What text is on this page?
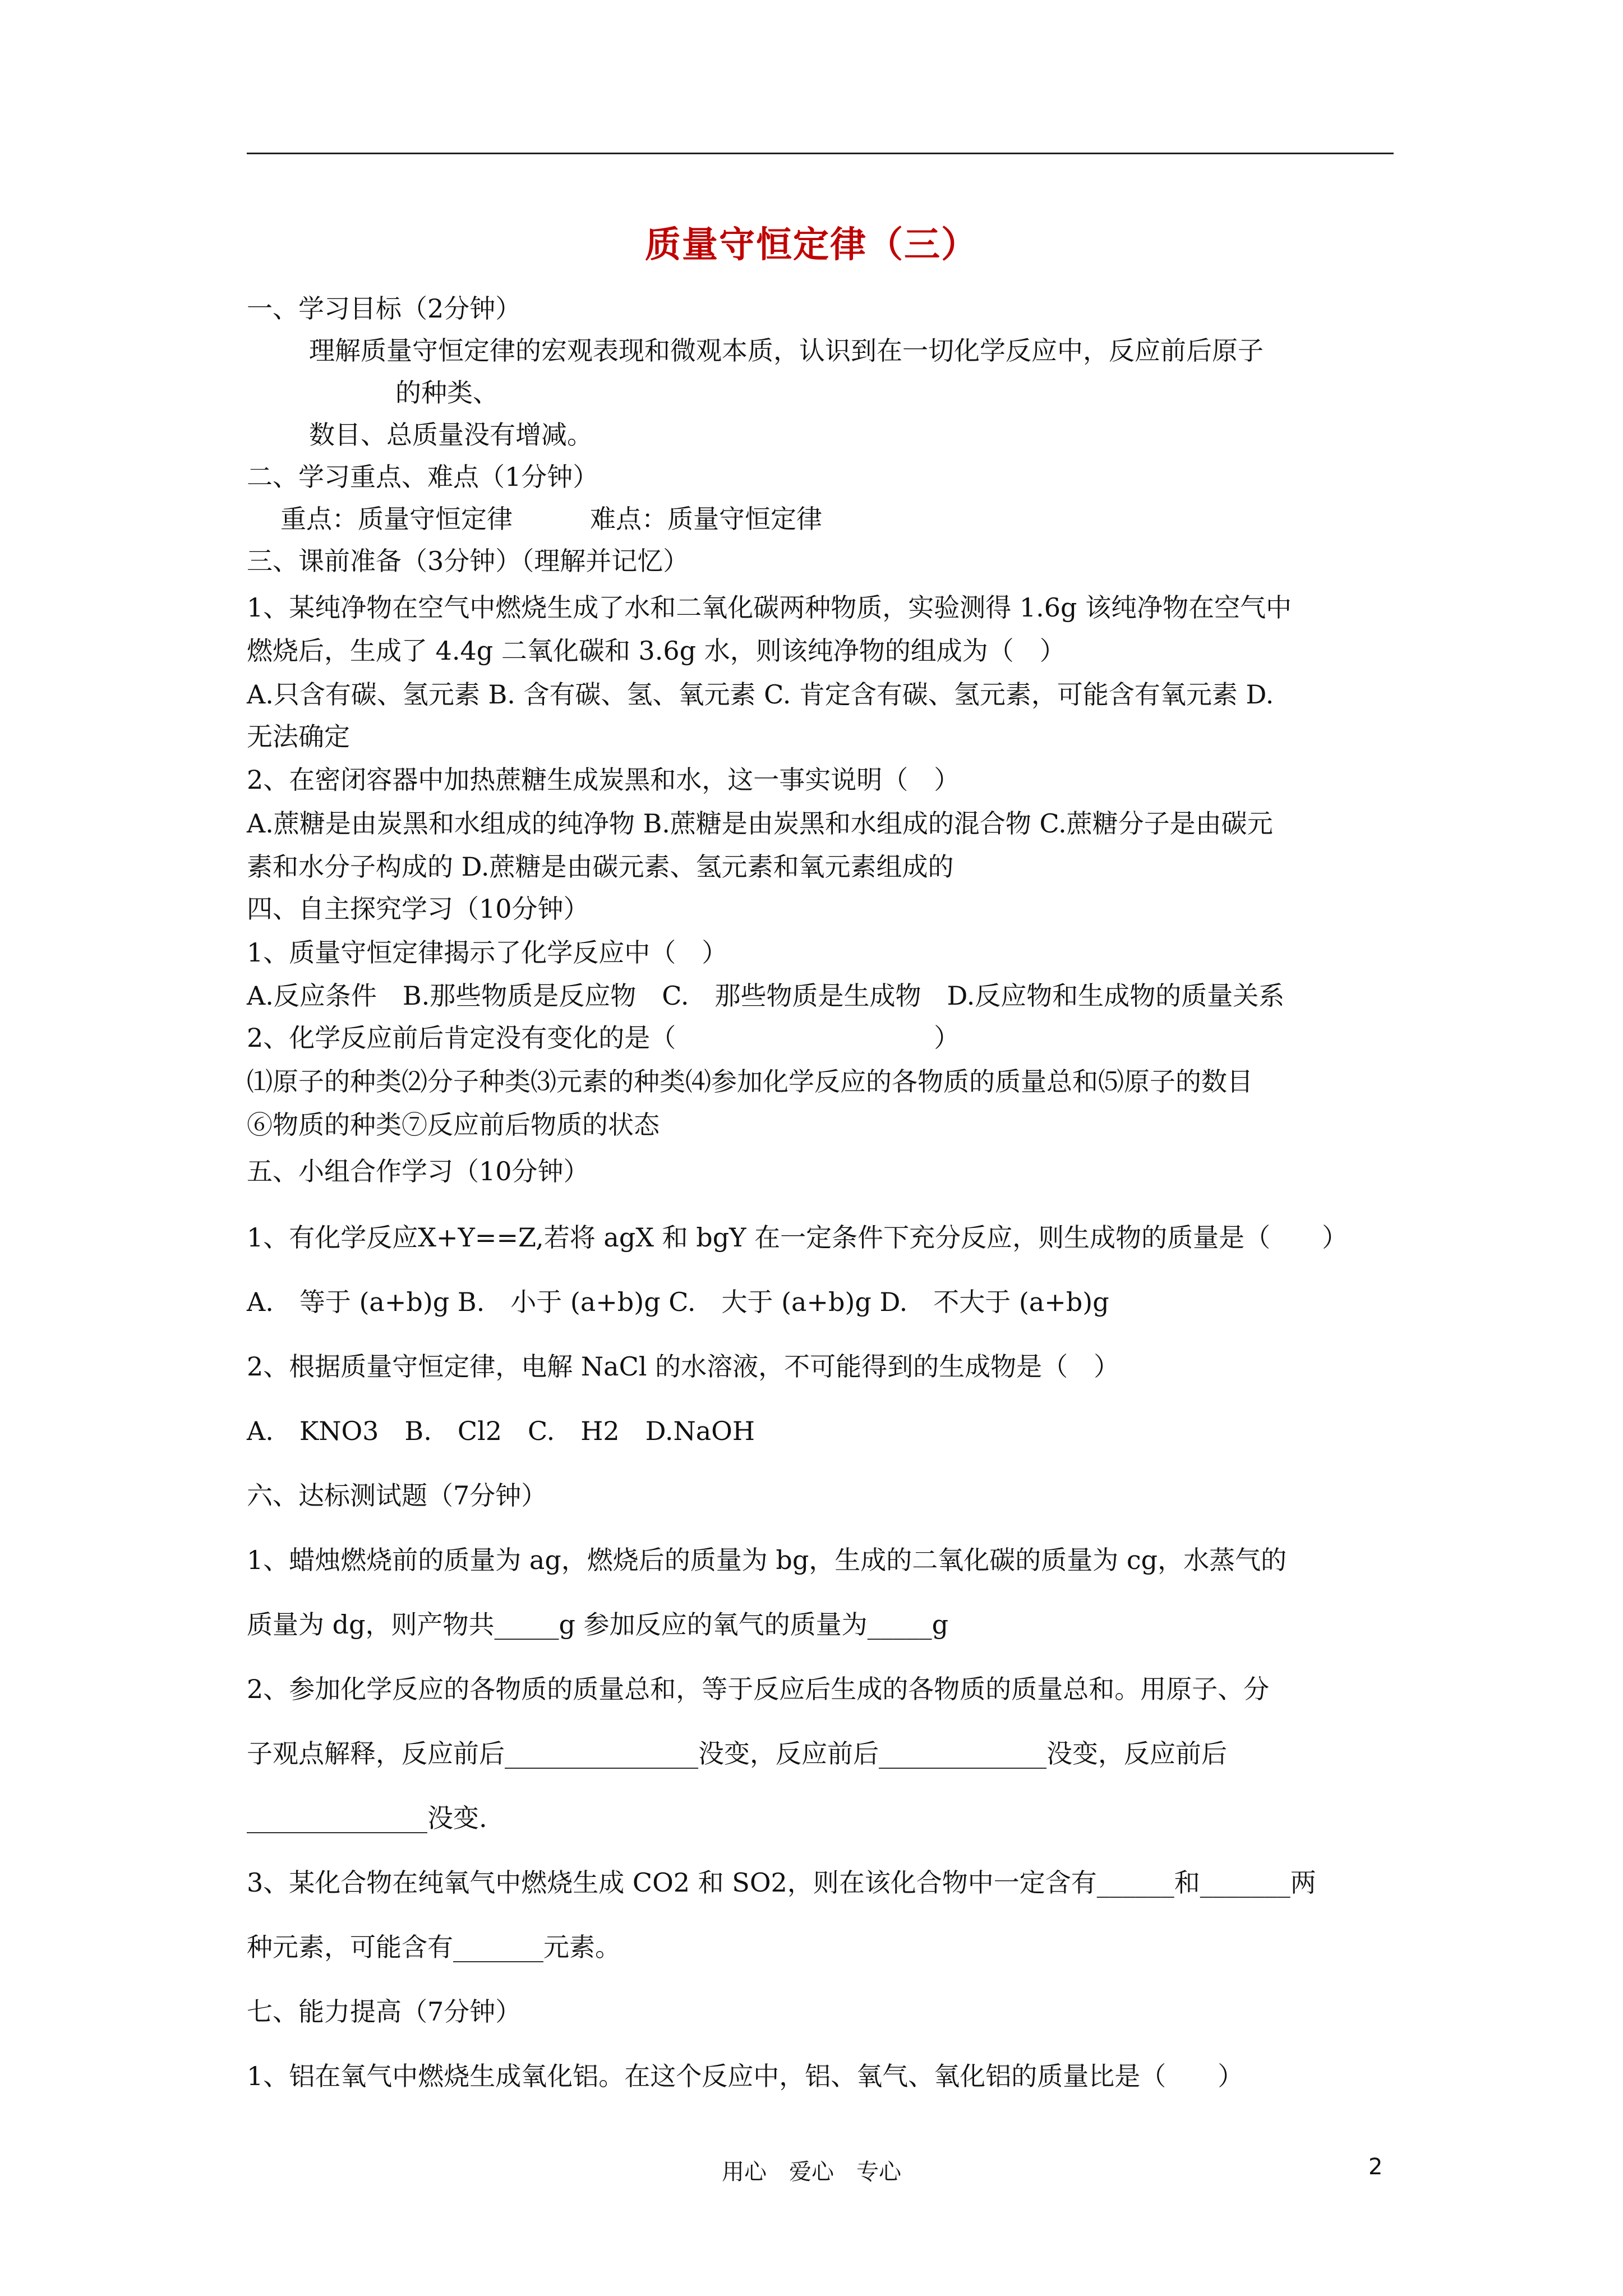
质量守恒定律（三）
一、学习目标（2分钟）
理解质量守恒定律的宏观表现和微观本质，认识到在一切化学反应中，反应前后原子
的种类、
数目、总质量没有增减。
二、学习重点、难点（1分钟）
重点：质量守恒定律　　　难点：质量守恒定律
三、课前准备（3分钟）（理解并记忆）
1、某纯净物在空气中燃烧生成了水和二氧化碳两种物质，实验测得 1.6g 该纯净物在空气中
燃烧后，生成了 4.4g 二氧化碳和 3.6g 水，则该纯净物的组成为（　）
A.只含有碳、氢元素 B. 含有碳、氢、氧元素 C. 肯定含有碳、氢元素，可能含有氧元素 D.
无法确定
2、在密闭容器中加热蔗糖生成炭黑和水，这一事实说明（　）
A.蔗糖是由炭黑和水组成的纯净物 B.蔗糖是由炭黑和水组成的混合物 C.蔗糖分子是由碳元
素和水分子构成的 D.蔗糖是由碳元素、氢元素和氧元素组成的
四、自主探究学习（10分钟）
1、质量守恒定律揭示了化学反应中（　）
A.反应条件　B.那些物质是反应物　C.　那些物质是生成物　D.反应物和生成物的质量关系
2、化学反应前后肯定没有变化的是（　　　　　　　　　　）
⑴原子的种类⑵分子种类⑶元素的种类⑷参加化学反应的各物质的质量总和⑸原子的数目
⑥物质的种类⑦反应前后物质的状态
五、小组合作学习（10分钟）
1、有化学反应X+Y==Z,若将 agX 和 bgY 在一定条件下充分反应，则生成物的质量是（　　）
A.　等于 (a+b)g B.　小于 (a+b)g C.　大于 (a+b)g D.　不大于 (a+b)g
2、根据质量守恒定律，电解 NaCl 的水溶液，不可能得到的生成物是（　）
A.　KNO3　B.　Cl2　C.　H2　D.NaOH
六、达标测试题（7分钟）
1、蜡烛燃烧前的质量为 ag，燃烧后的质量为 bg，生成的二氧化碳的质量为 cg，水蒸气的
质量为 dg，则产物共_____g 参加反应的氧气的质量为_____g
2、参加化学反应的各物质的质量总和，等于反应后生成的各物质的质量总和。用原子、分
子观点解释，反应前后_______________没变，反应前后_____________没变，反应前后
______________没变.
3、某化合物在纯氧气中燃烧生成 CO2 和 SO2，则在该化合物中一定含有______和_______两
种元素，可能含有_______元素。
七、能力提高（7分钟）
1、铝在氧气中燃烧生成氧化铝。在这个反应中，铝、氧气、氧化铝的质量比是（　　）
用心　爱心　专心	2
